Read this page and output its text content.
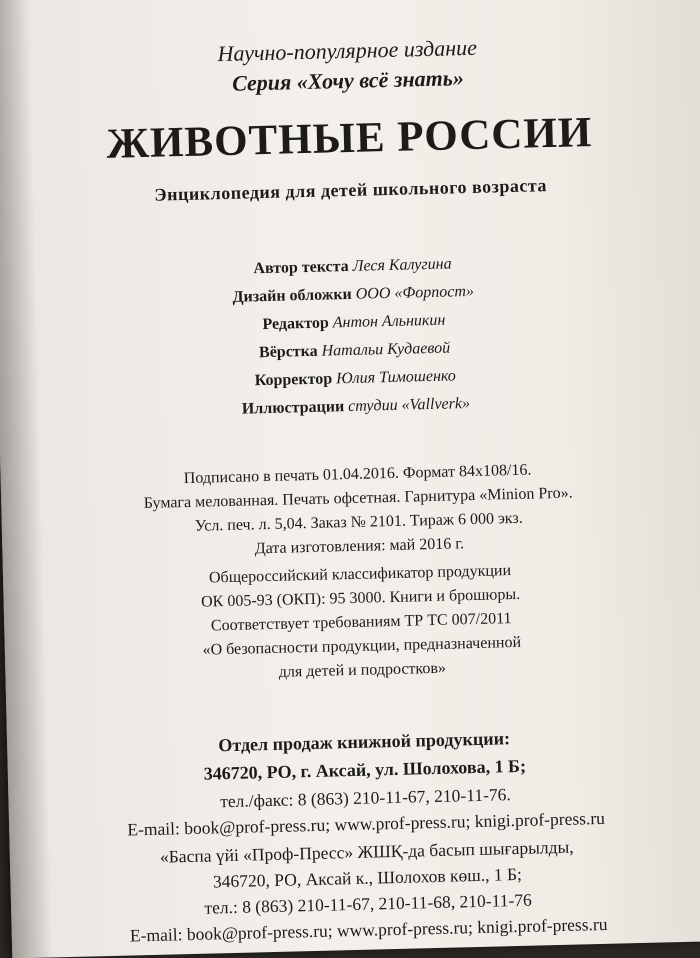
Научно-популярное издание
Серия «Хочу всё знать»
ЖИВОТНЫЕ РОССИИ
Энциклопедия для детей школьного возраста
Автор текста Леся Калугина
Дизайн обложки ООО «Форпост»
Редактор Антон Альникин
Вёрстка Натальи Кудаевой
Корректор Юлия Тимошенко
Иллюстрации студии «Vallverk»
Подписано в печать 01.04.2016. Формат 84x108/16.
Бумага мелованная. Печать офсетная. Гарнитура «Minion Pro».
Усл. печ. л. 5,04. Заказ № 2101. Тираж 6 000 экз.
Дата изготовления: май 2016 г.
Общероссийский классификатор продукции
ОК 005-93 (ОКП): 95 3000. Книги и брошюры.
Соответствует требованиям ТР ТС 007/2011
«О безопасности продукции, предназначенной
для детей и подростков»
Отдел продаж книжной продукции:
346720, РО, г. Аксай, ул. Шолохова, 1 Б;
тел./факс: 8 (863) 210-11-67, 210-11-76.
E-mail: book@prof-press.ru; www.prof-press.ru; knigi.prof-press.ru
«Баспа үйі «Проф-Пресс» ЖШҚ-да басып шығарылды,
346720, РО, Аксай к., Шолохов көш., 1 Б;
тел.: 8 (863) 210-11-67, 210-11-68, 210-11-76
E-mail: book@prof-press.ru; www.prof-press.ru; knigi.prof-press.ru
